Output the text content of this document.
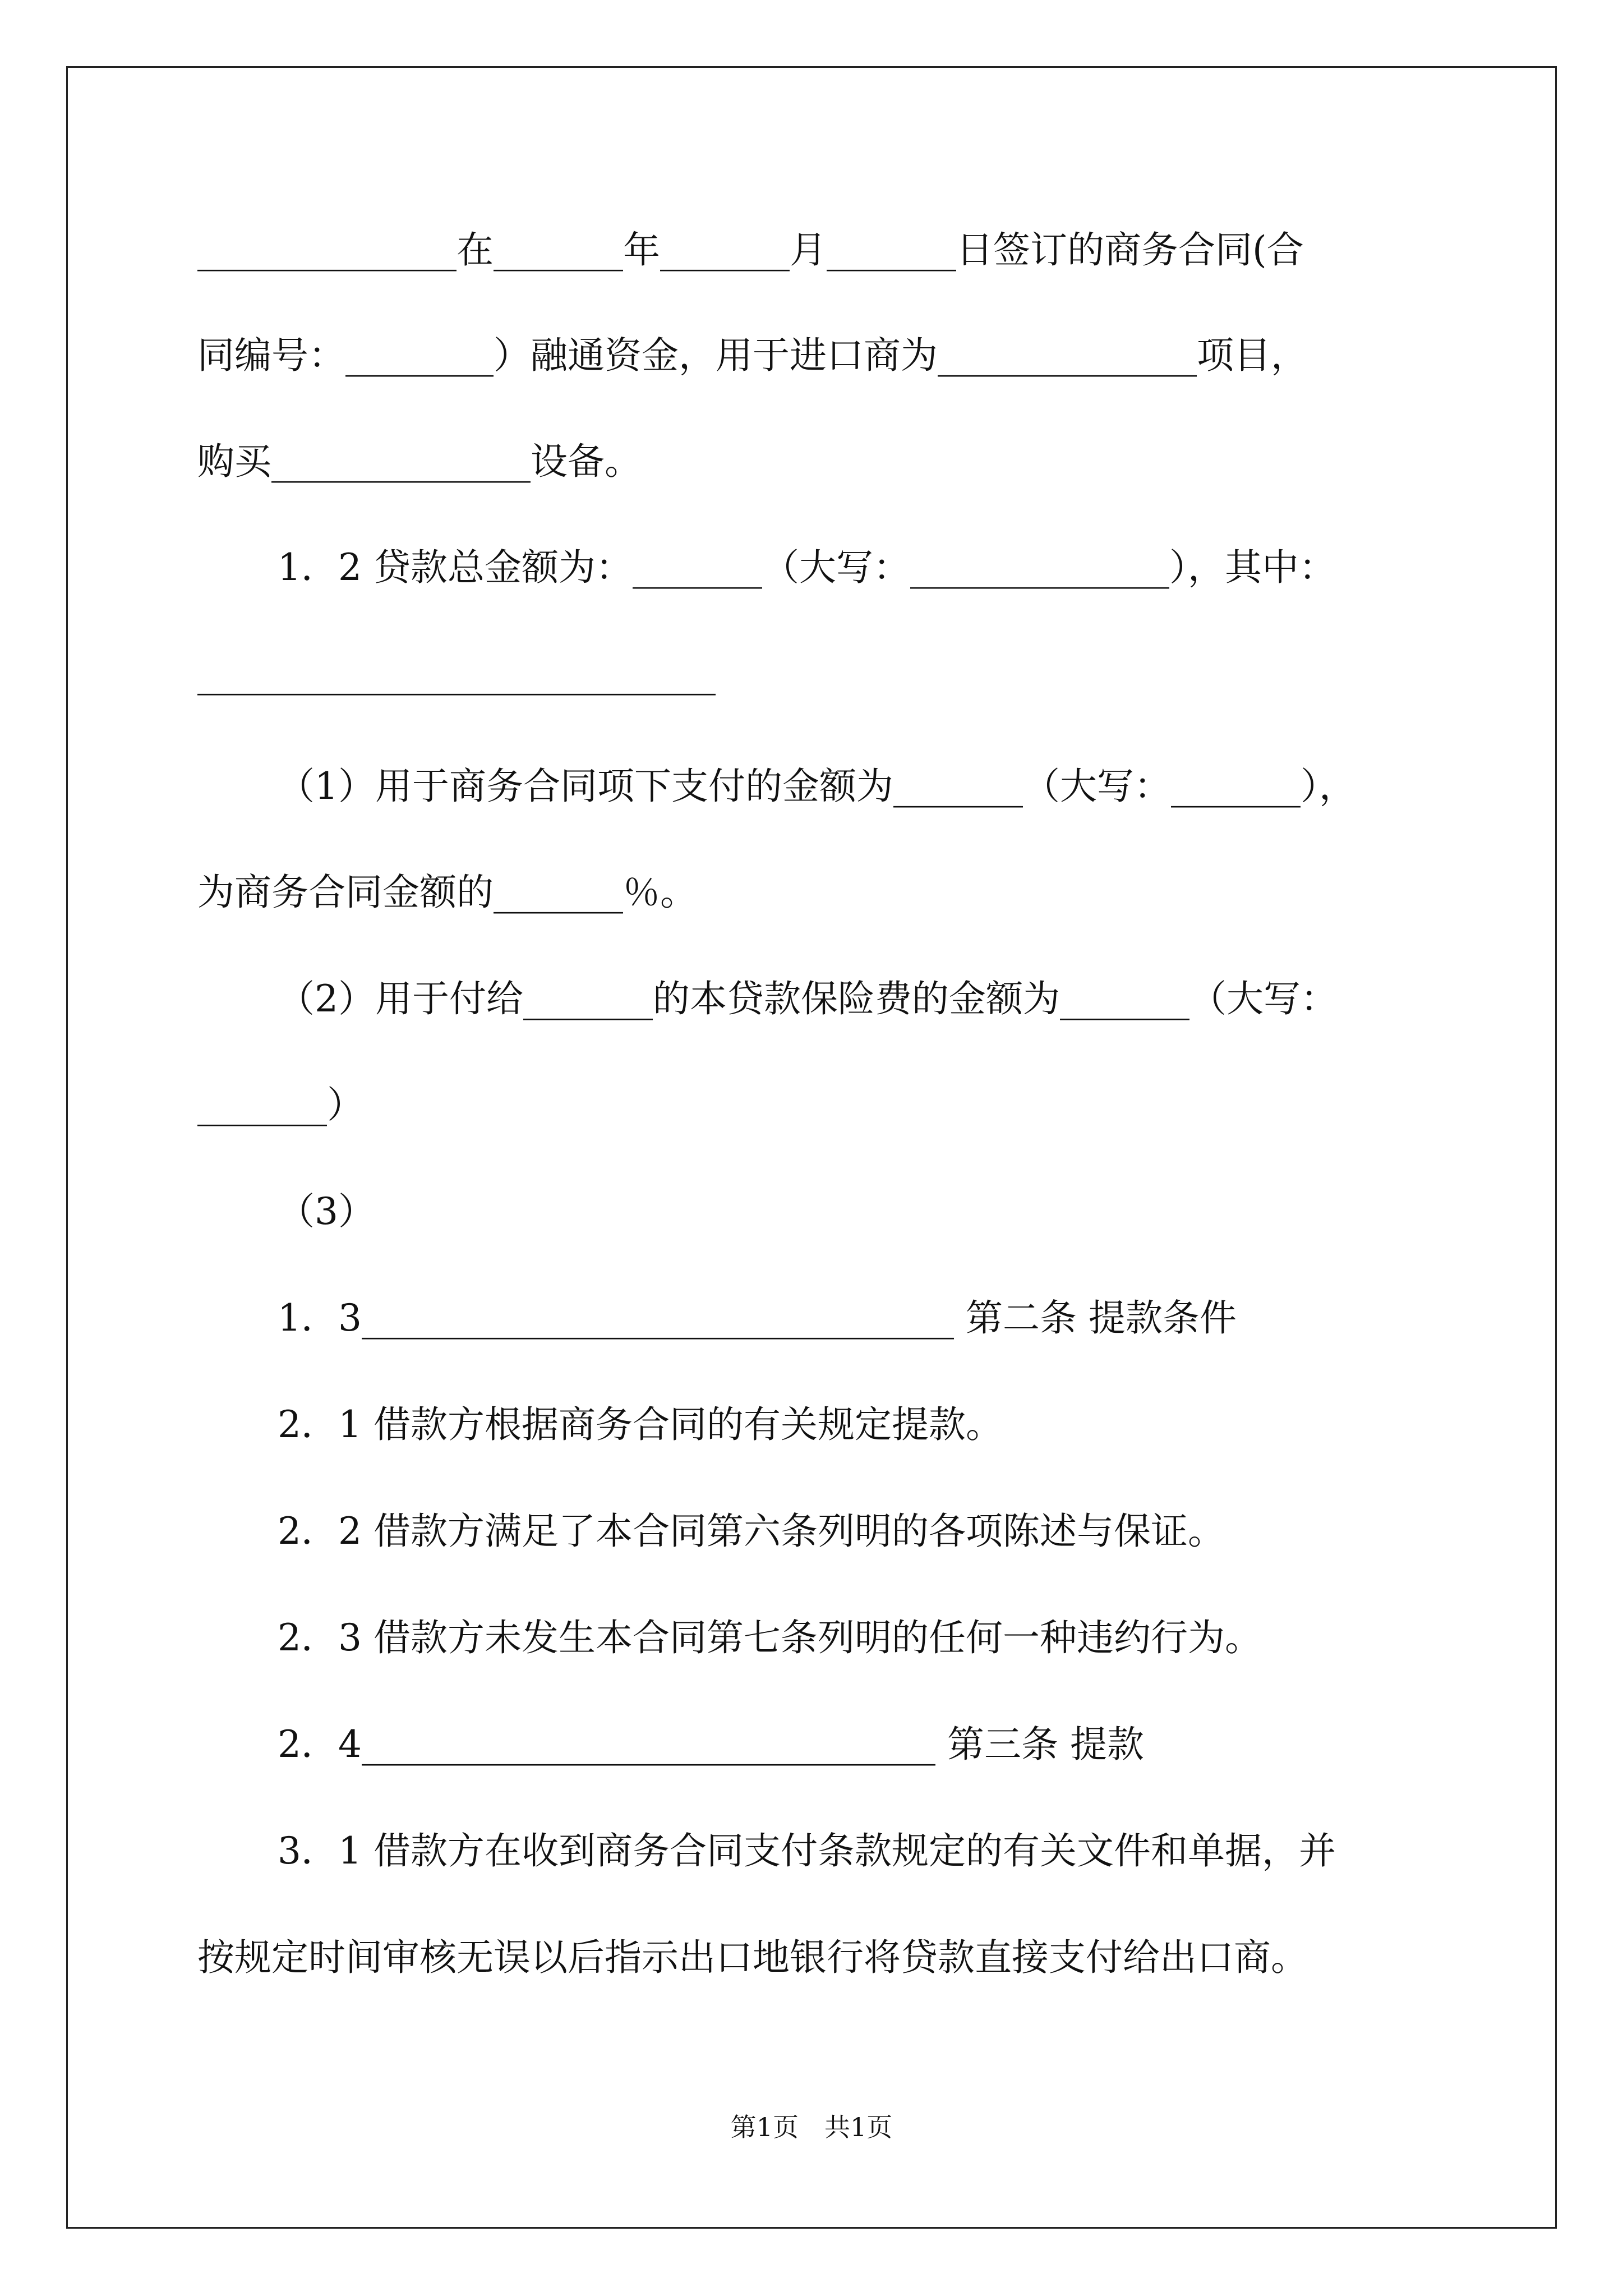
______________在_______年_______月_______日签订的商务合同(合
同编号：________）融通资金，用于进口商为______________项目，
购买______________设备。
1．2 贷款总金额为：_______（大写：______________），其中：
____________________________
（1）用于商务合同项下支付的金额为_______（大写：_______），
为商务合同金额的_______％。
（2）用于付给_______的本贷款保险费的金额为_______（大写：
_______）
（3）
1．3________________________________ 第二条 提款条件
2．1 借款方根据商务合同的有关规定提款。
2．2 借款方满足了本合同第六条列明的各项陈述与保证。
2．3 借款方未发生本合同第七条列明的任何一种违约行为。
2．4_______________________________ 第三条 提款
3．1 借款方在收到商务合同支付条款规定的有关文件和单据，并
按规定时间审核无误以后指示出口地银行将贷款直接支付给出口商。
第1页　共1页
